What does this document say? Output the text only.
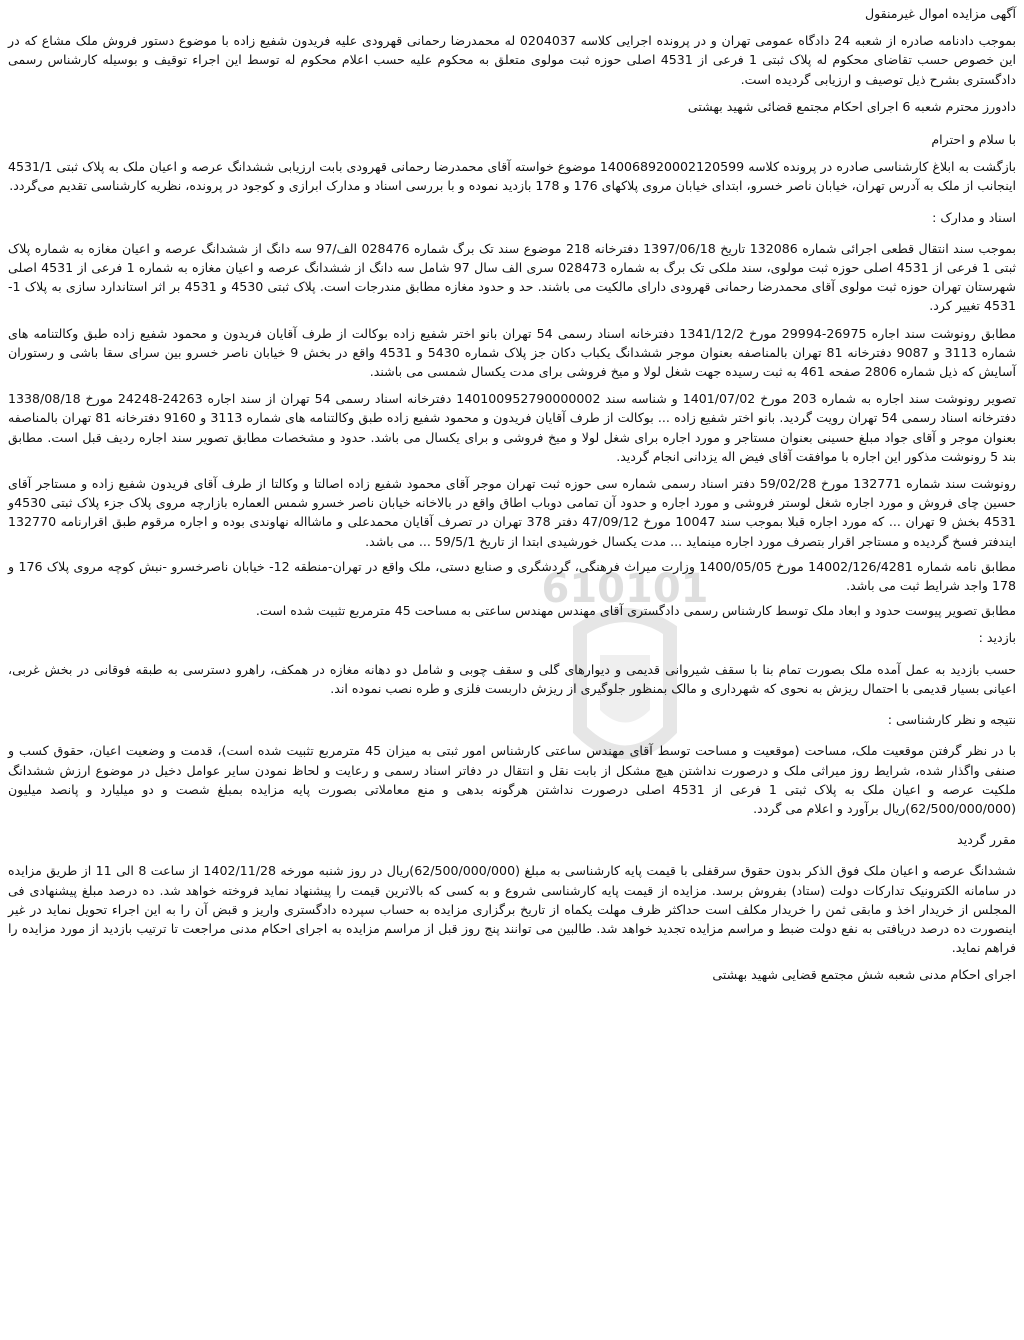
610101

آگهی مزایده اموال غیرمنقول

بموجب دادنامه صادره از شعبه 24 دادگاه عمومی تهران و در پرونده اجرایی کلاسه 0204037 له محمدرضا رحمانی قهرودی علیه فریدون شفیع زاده با موضوع دستور فروش ملک مشاع که در این خصوص حسب تقاضای محکوم له پلاک ثبتی 1 فرعی از 4531 اصلی حوزه ثبت مولوی متعلق به محکوم علیه حسب اعلام محکوم له توسط این اجراء توقیف و بوسیله کارشناس رسمی دادگستری بشرح ذیل توصیف و ارزیابی گردیده است.

دادورز محترم شعبه 6 اجرای احکام مجتمع قضائی شهید بهشتی

با سلام و احترام

بازگشت به ابلاغ کارشناسی صادره در پرونده کلاسه 140068920002120599 موضوع خواسته آقای محمدرضا رحمانی قهرودی بابت ارزیابی ششدانگ عرصه و اعیان ملک به پلاک ثبتی 4531/1 اینجانب از ملک به آدرس تهران، خیابان ناصر خسرو، ابتدای خیابان مروی پلاکهای 176 و 178 بازدید نموده و با بررسی اسناد و مدارک ابرازی و کوجود در پرونده، نظریه کارشناسی تقدیم می‌گردد.

اسناد و مدارک :

بموجب سند انتقال قطعی اجرائی شماره 132086 تاریخ 1397/06/18 دفترخانه 218 موضوع سند تک برگ شماره 028476 الف/97 سه دانگ از ششدانگ عرصه و اعیان مغازه به شماره پلاک ثبتی 1 فرعی از 4531 اصلی حوزه ثبت مولوی، سند ملکی تک برگ به شماره 028473 سری الف سال 97 شامل سه دانگ از ششدانگ عرصه و اعیان مغازه به شماره 1 فرعی از 4531 اصلی شهرستان تهران حوزه ثبت مولوی آقای محمدرضا رحمانی قهرودی دارای مالکیت می باشند. حد و حدود مغازه مطابق مندرجات است. پلاک ثبتی 4530 و 4531 بر اثر استاندارد سازی به پلاک 1-4531 تغییر کرد.

مطابق رونوشت سند اجاره 26975-29994 مورخ 1341/12/2 دفترخانه اسناد رسمی 54 تهران بانو اختر شفیع زاده بوکالت از طرف آقایان فریدون و محمود شفیع زاده طبق وکالتنامه های شماره 3113 و 9087 دفترخانه 81 تهران بالمناصفه بعنوان موجر ششدانگ یکباب دکان جز پلاک شماره 5430 و 4531 واقع در بخش 9 خیابان ناصر خسرو بین سرای سقا باشی و رستوران آسایش که ذیل شماره 2806 صفحه 461 به ثبت رسیده جهت شغل لولا و میخ فروشی برای مدت یکسال شمسی می باشند.

تصویر رونوشت سند اجاره به شماره 203 مورخ 1401/07/02 و شناسه سند 140100952790000002 دفترخانه اسناد رسمی 54 تهران از سند اجاره 24263-24248 مورخ 1338/08/18 دفترخانه اسناد رسمی 54 تهران رویت گردید. بانو اختر شفیع زاده ... بوکالت از طرف آقایان فریدون و محمود شفیع زاده طبق وکالتنامه های شماره 3113 و 9160 دفترخانه 81 تهران بالمناصفه بعنوان موجر و آقای جواد مبلغ حسینی بعنوان مستاجر و مورد اجاره برای شغل لولا و میخ فروشی و برای یکسال می باشد. حدود و مشخصات مطابق تصویر سند اجاره ردیف قبل است. مطابق بند 5 رونوشت مذکور این اجاره با موافقت آقای فیض اله یزدانی انجام گردید.

رونوشت سند شماره 132771 مورخ 59/02/28 دفتر اسناد رسمی شماره سی حوزه ثبت تهران موجر آقای محمود شفیع زاده اصالتا و وکالتا از طرف آقای فریدون شفیع زاده و مستاجر آقای حسین چای فروش و مورد اجاره شغل لوستر فروشی و مورد اجاره و حدود آن تمامی دوباب اطاق واقع در بالاخانه خیابان ناصر خسرو شمس العماره بازارچه مروی پلاک جزء پلاک ثبتی 4530و 4531 بخش 9 تهران ... که مورد اجاره قبلا بموجب سند 10047 مورخ 47/09/12 دفتر 378 تهران در تصرف آقایان محمدعلی و ماشااله نهاوندی بوده و اجاره مرقوم طبق اقرارنامه 132770 ایندفتر فسخ گردیده و مستاجر اقرار بتصرف مورد اجاره مینماید ... مدت یکسال خورشیدی ابتدا از تاریخ 59/5/1 ... می باشد.

مطابق نامه شماره 14002/126/4281 مورخ 1400/05/05 وزارت میراث فرهنگی، گردشگری و صنایع دستی، ملک واقع در تهران-منطقه 12- خیابان ناصرخسرو -نبش کوچه مروی پلاک 176 و 178 واجد شرایط ثبت می باشد.

مطابق تصویر پیوست حدود و ابعاد ملک توسط کارشناس رسمی دادگستری آقای مهندس مهندس ساعتی به مساحت 45 مترمربع تثبیت شده است.

بازدید :

حسب بازدید به عمل آمده ملک بصورت تمام بنا با سقف شیروانی قدیمی و دیوارهای گلی و سقف چوبی و شامل دو دهانه مغازه در همکف، راهرو دسترسی به طبقه فوقانی در بخش غربی، اعیانی بسیار قدیمی با احتمال ریزش به نحوی که شهرداری و مالک بمنظور جلوگیری از ریزش داربست فلزی و طره نصب نموده اند.

نتیجه و نظر کارشناسی :

با در نظر گرفتن موقعیت ملک، مساحت (موقعیت و مساحت توسط آقای مهندس ساعتی کارشناس امور ثبتی به میزان 45 مترمربع تثبیت شده است)، قدمت و وضعیت اعیان، حقوق کسب و صنفی واگذار شده، شرایط روز میراثی ملک و درصورت نداشتن هیچ مشکل از بابت نقل و انتقال در دفاتر اسناد رسمی و رعایت و لحاظ نمودن سایر عوامل دخیل در موضوع ارزش ششدانگ ملکیت عرصه و اعیان ملک به پلاک ثبتی 1 فرعی از 4531 اصلی درصورت نداشتن هرگونه بدهی و منع معاملاتی بصورت پایه مزایده بمبلغ شصت و دو میلیارد و پانصد میلیون (62/500/000/000)ریال برآورد و اعلام می گردد.

مقرر گردید

ششدانگ عرصه و اعیان ملک فوق الذکر بدون حقوق سرقفلی با قیمت پایه کارشناسی به مبلغ (62/500/000/000)ریال در روز شنبه مورخه 1402/11/28 از ساعت 8 الی 11 از طریق مزایده در سامانه الکترونیک تدارکات دولت (ستاد) بفروش برسد. مزایده از قیمت پایه کارشناسی شروع و به کسی که بالاترین قیمت را پیشنهاد نماید فروخته خواهد شد. ده درصد مبلغ پیشنهادی فی المجلس از خریدار اخذ و مابقی ثمن را خریدار مکلف است حداکثر ظرف مهلت یکماه از تاریخ برگزاری مزایده به حساب سپرده دادگستری واریز و قبض آن را به این اجراء تحویل نماید در غیر اینصورت ده درصد دریافتی به نفع دولت ضبط و مراسم مزایده تجدید خواهد شد. طالبین می توانند پنج روز قبل از مراسم مزایده به اجرای احکام مدنی مراجعت تا ترتیب بازدید از مورد مزایده را فراهم نماید.

اجرای احکام مدنی شعبه شش مجتمع قضایی شهید بهشتی
